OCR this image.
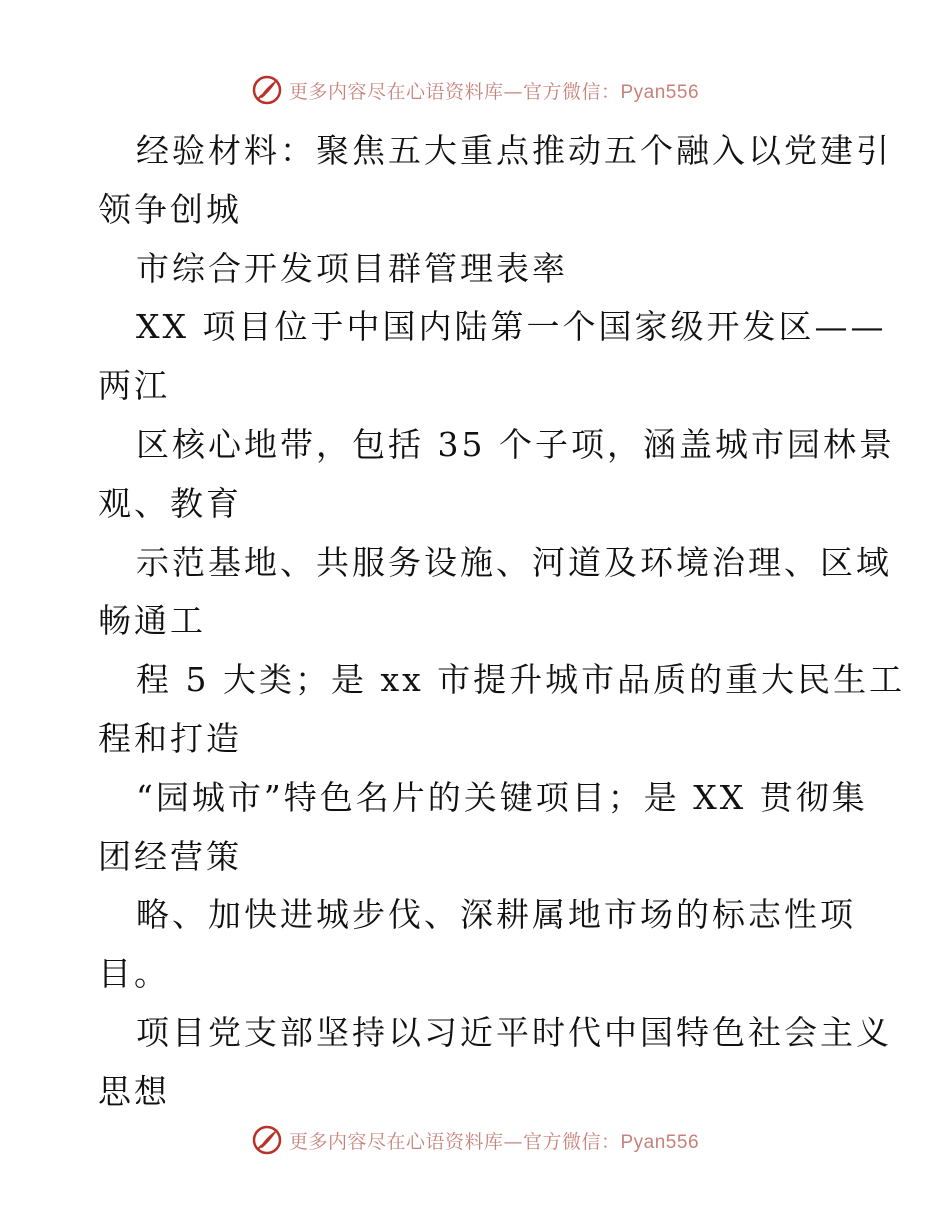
更多内容尽在心语资料库—官方微信：Pyan556
经验材料：聚焦五大重点推动五个融入以党建引
领争创城
市综合开发项目群管理表率
XX 项目位于中国内陆第一个国家级开发区——
两江
区核心地带，包括 35 个子项，涵盖城市园林景
观、教育
示范基地、共服务设施、河道及环境治理、区域
畅通工
程 5 大类；是 xx 市提升城市品质的重大民生工
程和打造
“园城市”特色名片的关键项目；是 XX 贯彻集
团经营策
略、加快进城步伐、深耕属地市场的标志性项
目。
项目党支部坚持以习近平时代中国特色社会主义
思想
更多内容尽在心语资料库—官方微信：Pyan556
